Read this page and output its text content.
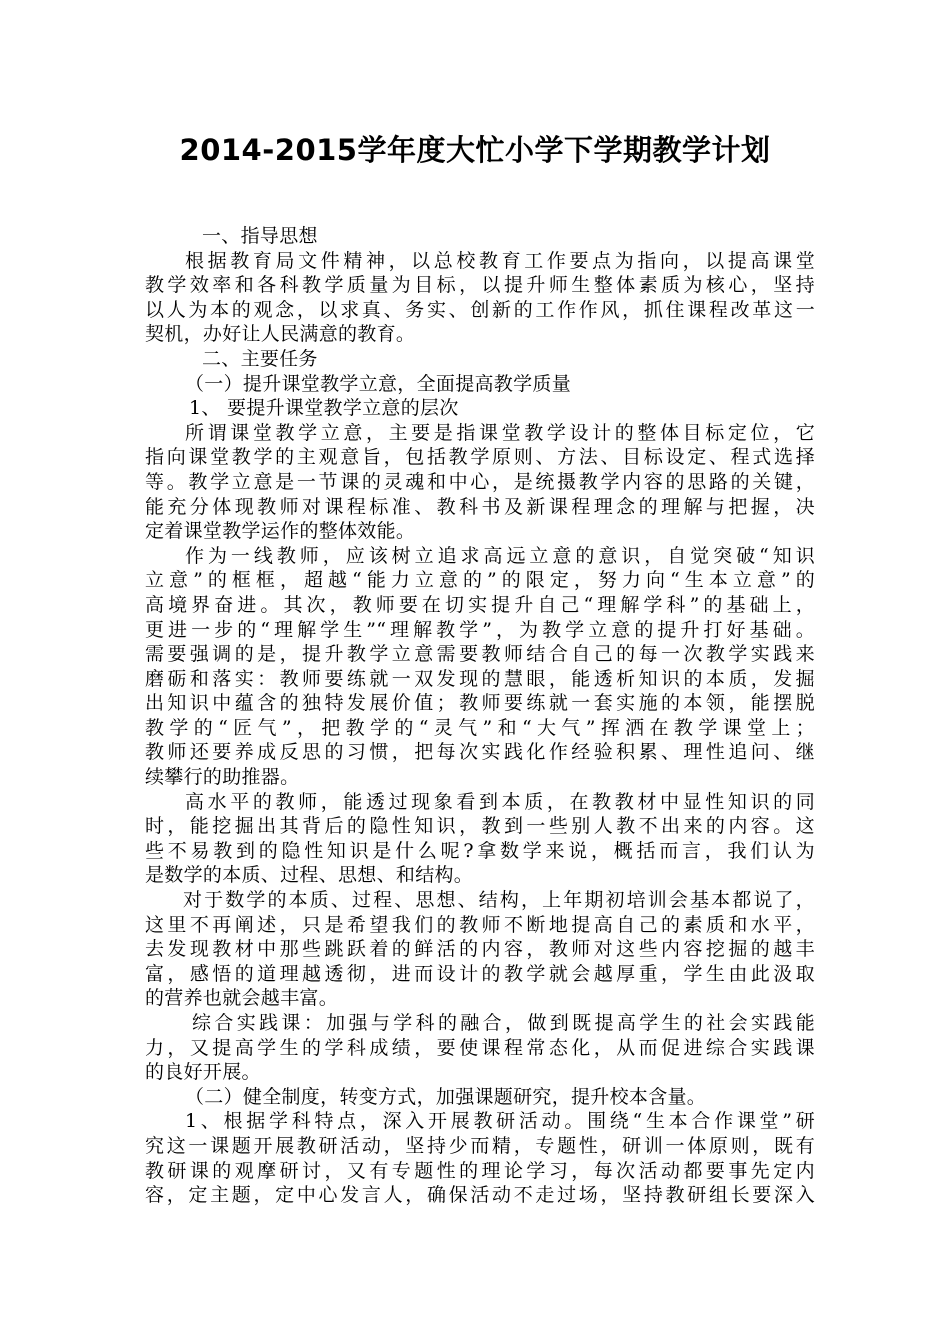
2014-2015学年度大忙小学下学期教学计划
一、指导思想
根据教育局文件精神，以总校教育工作要点为指向，以提高课堂
教学效率和各科教学质量为目标，以提升师生整体素质为核心，坚持
以人为本的观念，以求真、务实、创新的工作作风，抓住课程改革这一
契机，办好让人民满意的教育。
二、主要任务
（一）提升课堂教学立意，全面提高教学质量
1、 要提升课堂教学立意的层次
所谓课堂教学立意，主要是指课堂教学设计的整体目标定位，它
指向课堂教学的主观意旨，包括教学原则、方法、目标设定、程式选择
等。教学立意是一节课的灵魂和中心，是统摄教学内容的思路的关键，
能充分体现教师对课程标准、教科书及新课程理念的理解与把握，决
定着课堂教学运作的整体效能。
作为一线教师，应该树立追求高远立意的意识，自觉突破“知识
立意”的框框，超越“能力立意的”的限定，努力向“生本立意”的
高境界奋进。其次，教师要在切实提升自己“理解学科”的基础上，
更进一步的“理解学生”“理解教学”，为教学立意的提升打好基础。
需要强调的是，提升教学立意需要教师结合自己的每一次教学实践来
磨砺和落实：教师要练就一双发现的慧眼，能透析知识的本质，发掘
出知识中蕴含的独特发展价值；教师要练就一套实施的本领，能摆脱
教学的“匠气”，把教学的“灵气”和“大气”挥洒在教学课堂上；
教师还要养成反思的习惯，把每次实践化作经验积累、理性追问、继
续攀行的助推器。
高水平的教师，能透过现象看到本质，在教教材中显性知识的同
时，能挖掘出其背后的隐性知识，教到一些别人教不出来的内容。这
些不易教到的隐性知识是什么呢?拿数学来说，概括而言，我们认为
是数学的本质、过程、思想、和结构。
对于数学的本质、过程、思想、结构，上年期初培训会基本都说了，
这里不再阐述，只是希望我们的教师不断地提高自己的素质和水平，
去发现教材中那些跳跃着的鲜活的内容，教师对这些内容挖掘的越丰
富，感悟的道理越透彻，进而设计的教学就会越厚重，学生由此汲取
的营养也就会越丰富。
综合实践课：加强与学科的融合，做到既提高学生的社会实践能
力，又提高学生的学科成绩，要使课程常态化，从而促进综合实践课
的良好开展。
（二）健全制度，转变方式，加强课题研究，提升校本含量。
1、根据学科特点，深入开展教研活动。围绕“生本合作课堂”研
究这一课题开展教研活动，坚持少而精，专题性，研训一体原则，既有
教研课的观摩研讨，又有专题性的理论学习，每次活动都要事先定内
容，定主题，定中心发言人，确保活动不走过场，坚持教研组长要深入
